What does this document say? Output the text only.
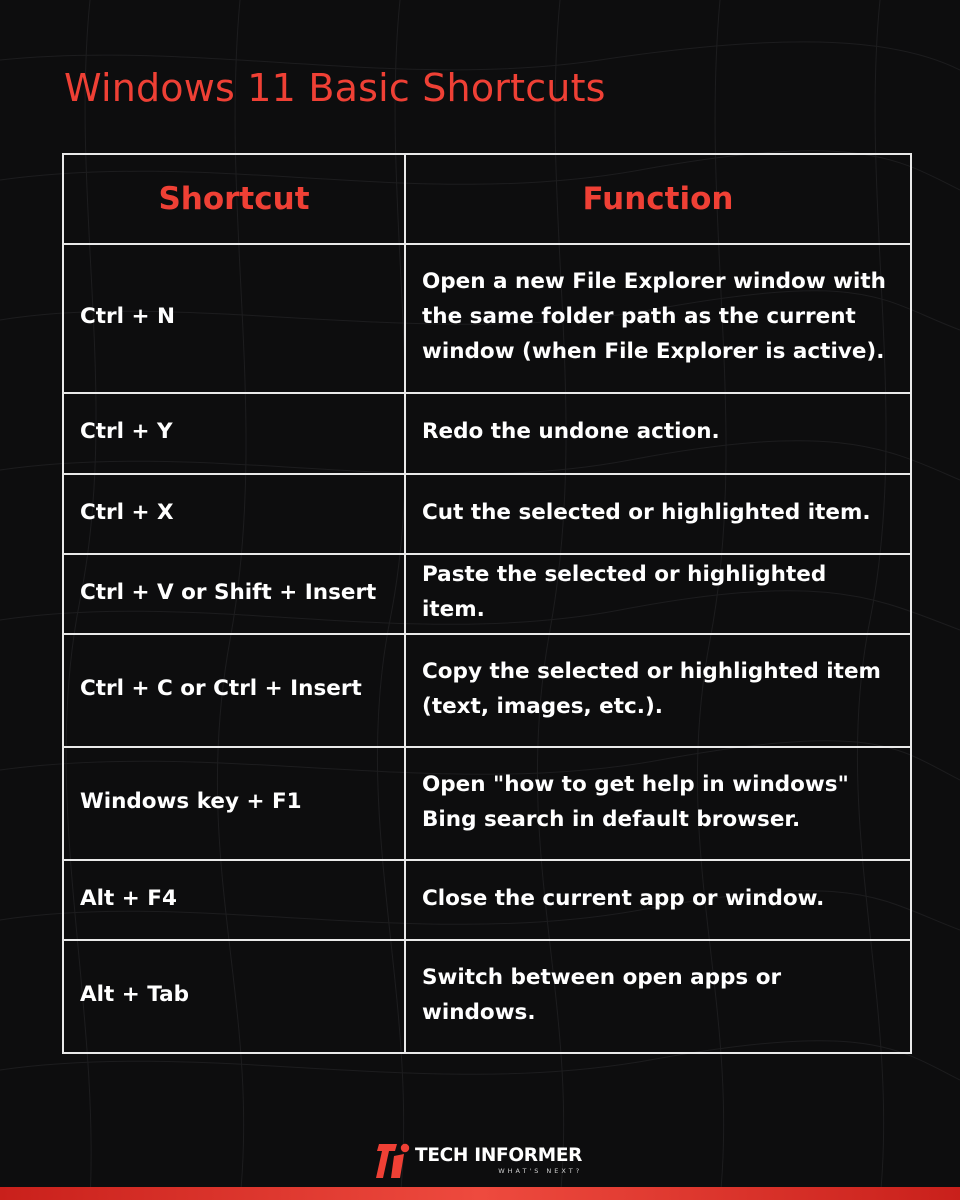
Windows 11 Basic Shortcuts
Shortcut	Function
Ctrl + N	Open a new File Explorer window with the same folder path as the current window (when File Explorer is active).
Ctrl + Y	Redo the undone action.
Ctrl + X	Cut the selected or highlighted item.
Ctrl + V or Shift + Insert	Paste the selected or highlighted item.
Ctrl + C or Ctrl + Insert	Copy the selected or highlighted item (text, images, etc.).
Windows key + F1	Open "how to get help in windows" Bing search in default browser.
Alt + F4	Close the current app or window.
Alt + Tab	Switch between open apps or windows.
TECH INFORMER
WHAT'S NEXT?
